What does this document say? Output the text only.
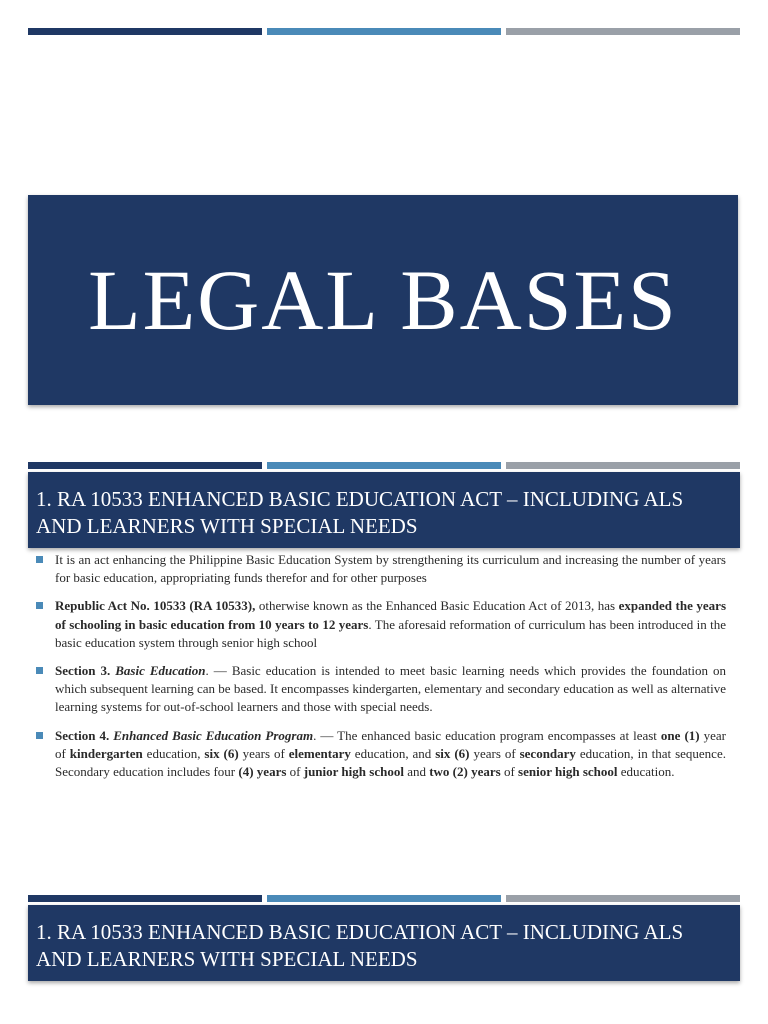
LEGAL BASES
1. RA 10533 ENHANCED BASIC EDUCATION ACT – INCLUDING ALS AND LEARNERS WITH SPECIAL NEEDS
It is an act enhancing the Philippine Basic Education System by strengthening its curriculum and increasing the number of years for basic education, appropriating funds therefor and for other purposes
Republic Act No. 10533 (RA 10533), otherwise known as the Enhanced Basic Education Act of 2013, has expanded the years of schooling in basic education from 10 years to 12 years. The aforesaid reformation of curriculum has been introduced in the basic education system through senior high school
Section 3. Basic Education. — Basic education is intended to meet basic learning needs which provides the foundation on which subsequent learning can be based. It encompasses kindergarten, elementary and secondary education as well as alternative learning systems for out-of-school learners and those with special needs.
Section 4. Enhanced Basic Education Program. — The enhanced basic education program encompasses at least one (1) year of kindergarten education, six (6) years of elementary education, and six (6) years of secondary education, in that sequence. Secondary education includes four (4) years of junior high school and two (2) years of senior high school education.
1. RA 10533 ENHANCED BASIC EDUCATION ACT – INCLUDING ALS AND LEARNERS WITH SPECIAL NEEDS
